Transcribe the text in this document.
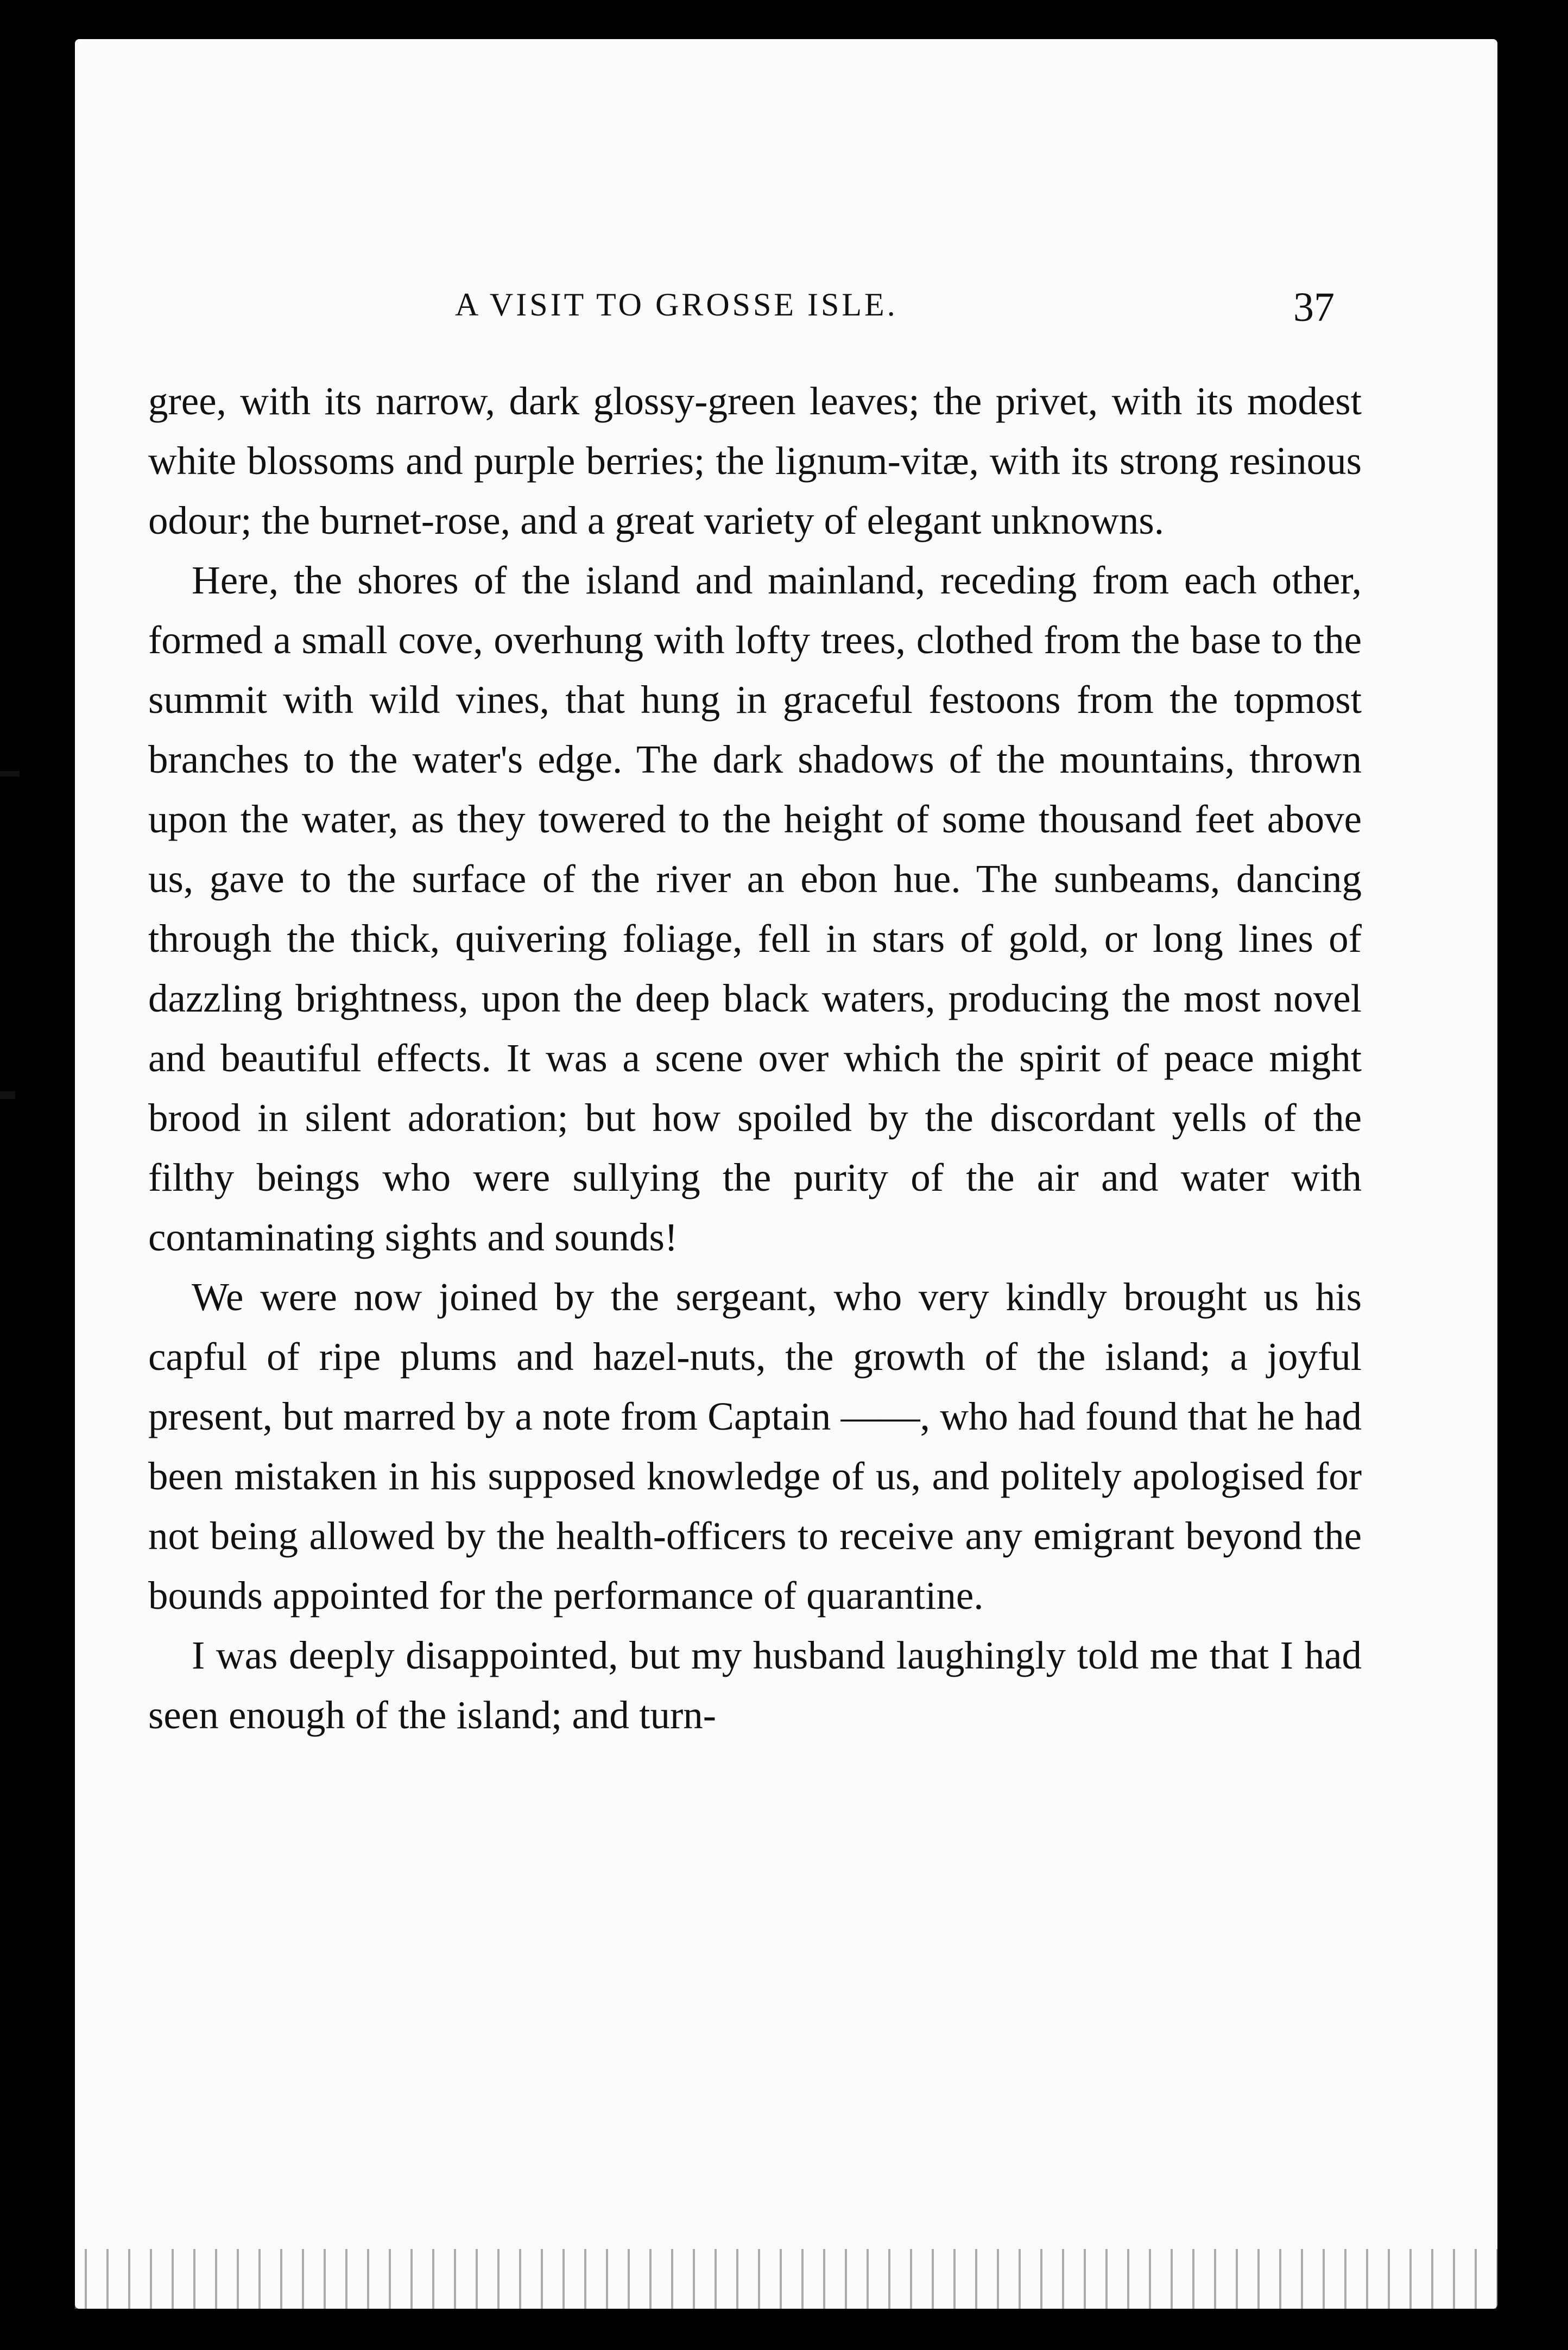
A VISIT TO GROSSE ISLE.	37

gree, with its narrow, dark glossy-green leaves; the privet, with its modest white blossoms and purple berries; the lignum-vitæ, with its strong resinous odour; the burnet-rose, and a great variety of elegant unknowns.

Here, the shores of the island and mainland, receding from each other, formed a small cove, overhung with lofty trees, clothed from the base to the summit with wild vines, that hung in graceful festoons from the topmost branches to the water's edge. The dark shadows of the mountains, thrown upon the water, as they towered to the height of some thousand feet above us, gave to the surface of the river an ebon hue. The sunbeams, dancing through the thick, quivering foliage, fell in stars of gold, or long lines of dazzling brightness, upon the deep black waters, producing the most novel and beautiful effects. It was a scene over which the spirit of peace might brood in silent adoration; but how spoiled by the discordant yells of the filthy beings who were sullying the purity of the air and water with contaminating sights and sounds!

We were now joined by the sergeant, who very kindly brought us his capful of ripe plums and hazel-nuts, the growth of the island; a joyful present, but marred by a note from Captain ——, who had found that he had been mistaken in his supposed knowledge of us, and politely apologised for not being allowed by the health-officers to receive any emigrant beyond the bounds appointed for the performance of quarantine.

I was deeply disappointed, but my husband laughingly told me that I had seen enough of the island; and turn-
